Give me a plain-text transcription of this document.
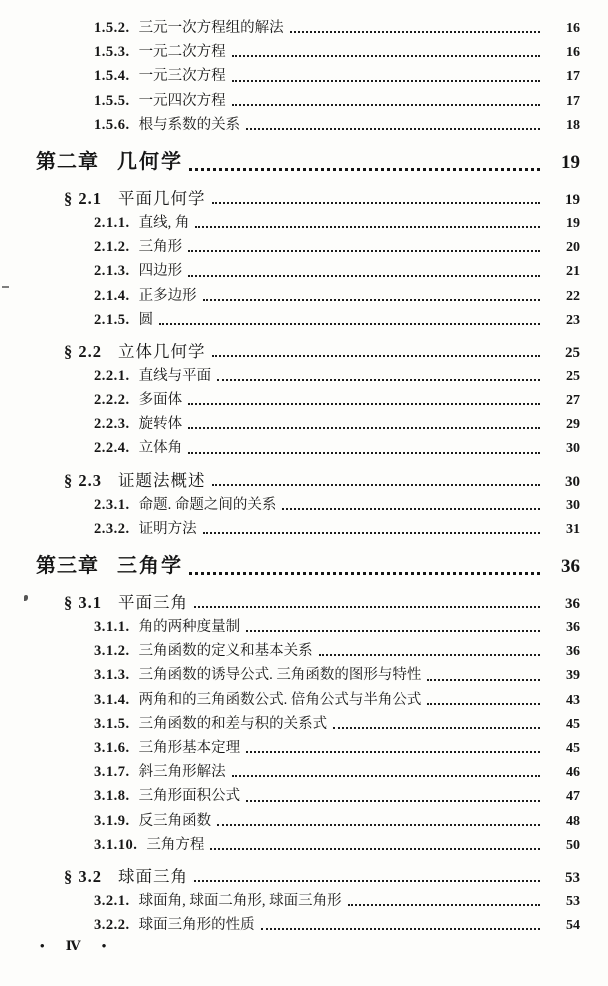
1.5.2. 三元一次方程组的解法	16
1.5.3. 一元二次方程	16
1.5.4. 一元三次方程	17
1.5.5. 一元四次方程	17
1.5.6. 根与系数的关系	18
第二章 几何学	19
§ 2.1 平面几何学	19
2.1.1. 直线, 角	19
2.1.2. 三角形	20
2.1.3. 四边形	21
2.1.4. 正多边形	22
2.1.5. 圆	23
§ 2.2 立体几何学	25
2.2.1. 直线与平面	25
2.2.2. 多面体	27
2.2.3. 旋转体	29
2.2.4. 立体角	30
§ 2.3 证题法概述	30
2.3.1. 命题. 命题之间的关系	30
2.3.2. 证明方法	31
第三章 三角学	36
§ 3.1 平面三角	36
3.1.1. 角的两种度量制	36
3.1.2. 三角函数的定义和基本关系	36
3.1.3. 三角函数的诱导公式. 三角函数的图形与特性	39
3.1.4. 两角和的三角函数公式. 倍角公式与半角公式	43
3.1.5. 三角函数的和差与积的关系式	45
3.1.6. 三角形基本定理	45
3.1.7. 斜三角形解法	46
3.1.8. 三角形面积公式	47
3.1.9. 反三角函数	48
3.1.10. 三角方程	50
§ 3.2 球面三角	53
3.2.1. 球面角, 球面二角形, 球面三角形	53
3.2.2. 球面三角形的性质	54
• Ⅳ •
